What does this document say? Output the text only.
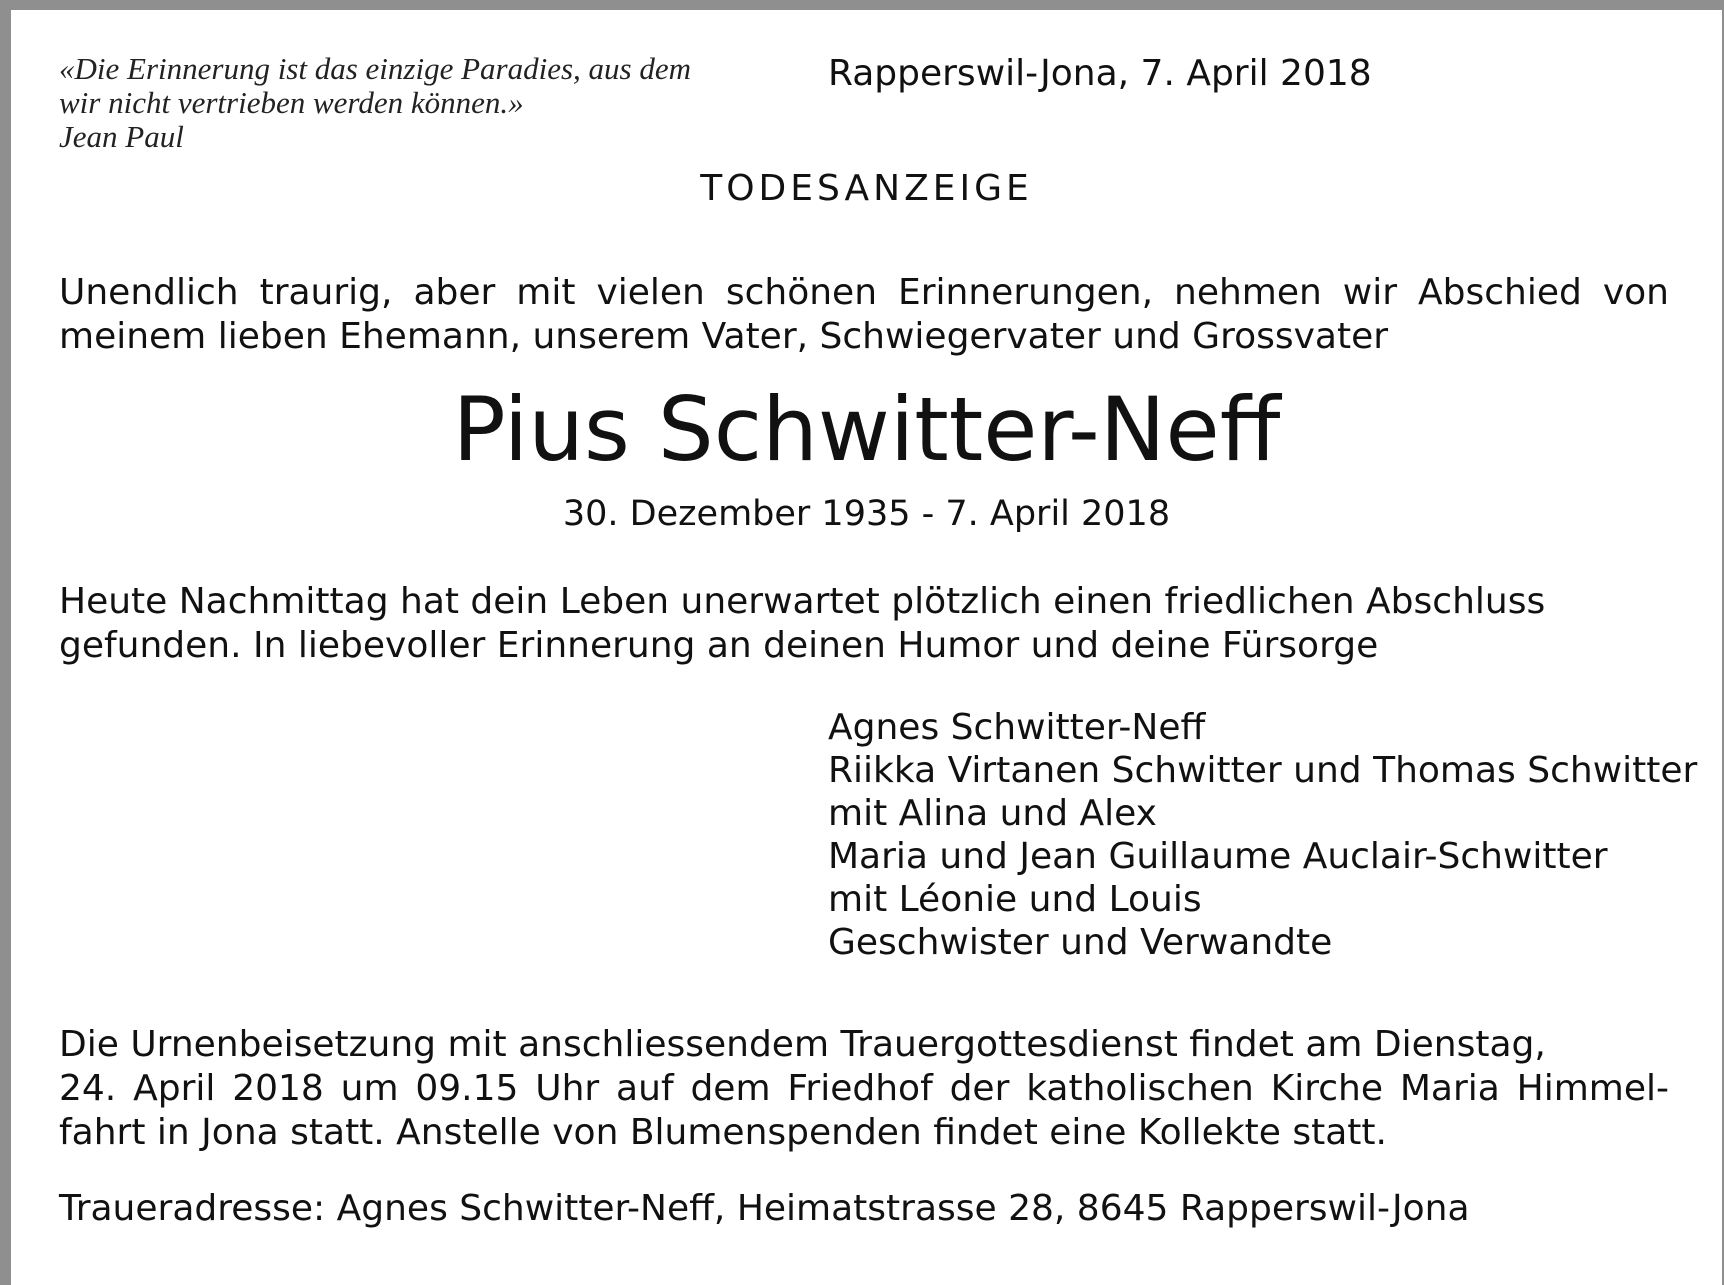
«Die Erinnerung ist das einzige Paradies, aus dem
wir nicht vertrieben werden können.»
Jean Paul
Rapperswil-Jona, 7. April 2018
TODESANZEIGE
Unendlich traurig, aber mit vielen schönen Erinnerungen, nehmen wir Abschied von
meinem lieben Ehemann, unserem Vater, Schwiegervater und Grossvater
Pius Schwitter-Neff
30. Dezember 1935 - 7. April 2018
Heute Nachmittag hat dein Leben unerwartet plötzlich einen friedlichen Abschluss
gefunden. In liebevoller Erinnerung an deinen Humor und deine Fürsorge
Agnes Schwitter-Neff
Riikka Virtanen Schwitter und Thomas Schwitter
mit Alina und Alex
Maria und Jean Guillaume Auclair-Schwitter
mit Léonie und Louis
Geschwister und Verwandte
Die Urnenbeisetzung mit anschliessendem Trauergottesdienst findet am Dienstag,
24. April 2018 um 09.15 Uhr auf dem Friedhof der katholischen Kirche Maria Himmel-
fahrt in Jona statt. Anstelle von Blumenspenden findet eine Kollekte statt.
Traueradresse: Agnes Schwitter-Neff, Heimatstrasse 28, 8645 Rapperswil-Jona
